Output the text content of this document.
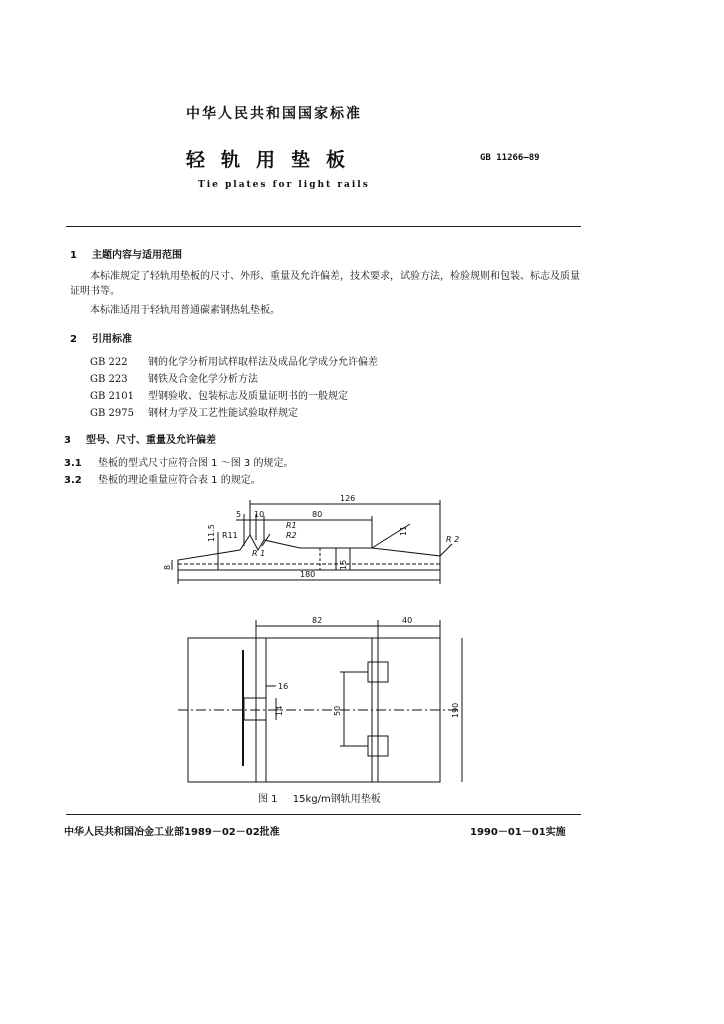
中华人民共和国国家标准
轻轨用垫板	GB 11266—89
Tie plates for light rails
1 主题内容与适用范围
本标准规定了轻轨用垫板的尺寸、外形、重量及允许偏差，技术要求，试验方法，检验规则和包装、标志及质量证明书等。
本标准适用于轻轨用普通碳素钢热轧垫板。
2 引用标准
GB 222 钢的化学分析用试样取样法及成品化学成分允许偏差
GB 223 钢铁及合金化学分析方法
GB 2101 型钢验收、包装标志及质量证明书的一般规定
GB 2975 钢材力学及工艺性能试验取样规定
3 型号、尺寸、重量及允许偏差
3.1 垫板的型式尺寸应符合图 1 ～图 3 的规定。
3.2 垫板的理论重量应符合表 1 的规定。
126
80
5 10
11.5	11
8
180
15
R11
R1
R2	R 2
R 1
82	40
16
14	50	190
图 1 15kg/m钢轨用垫板
中华人民共和国冶金工业部1989－02－02批准	1990－01－01实施
